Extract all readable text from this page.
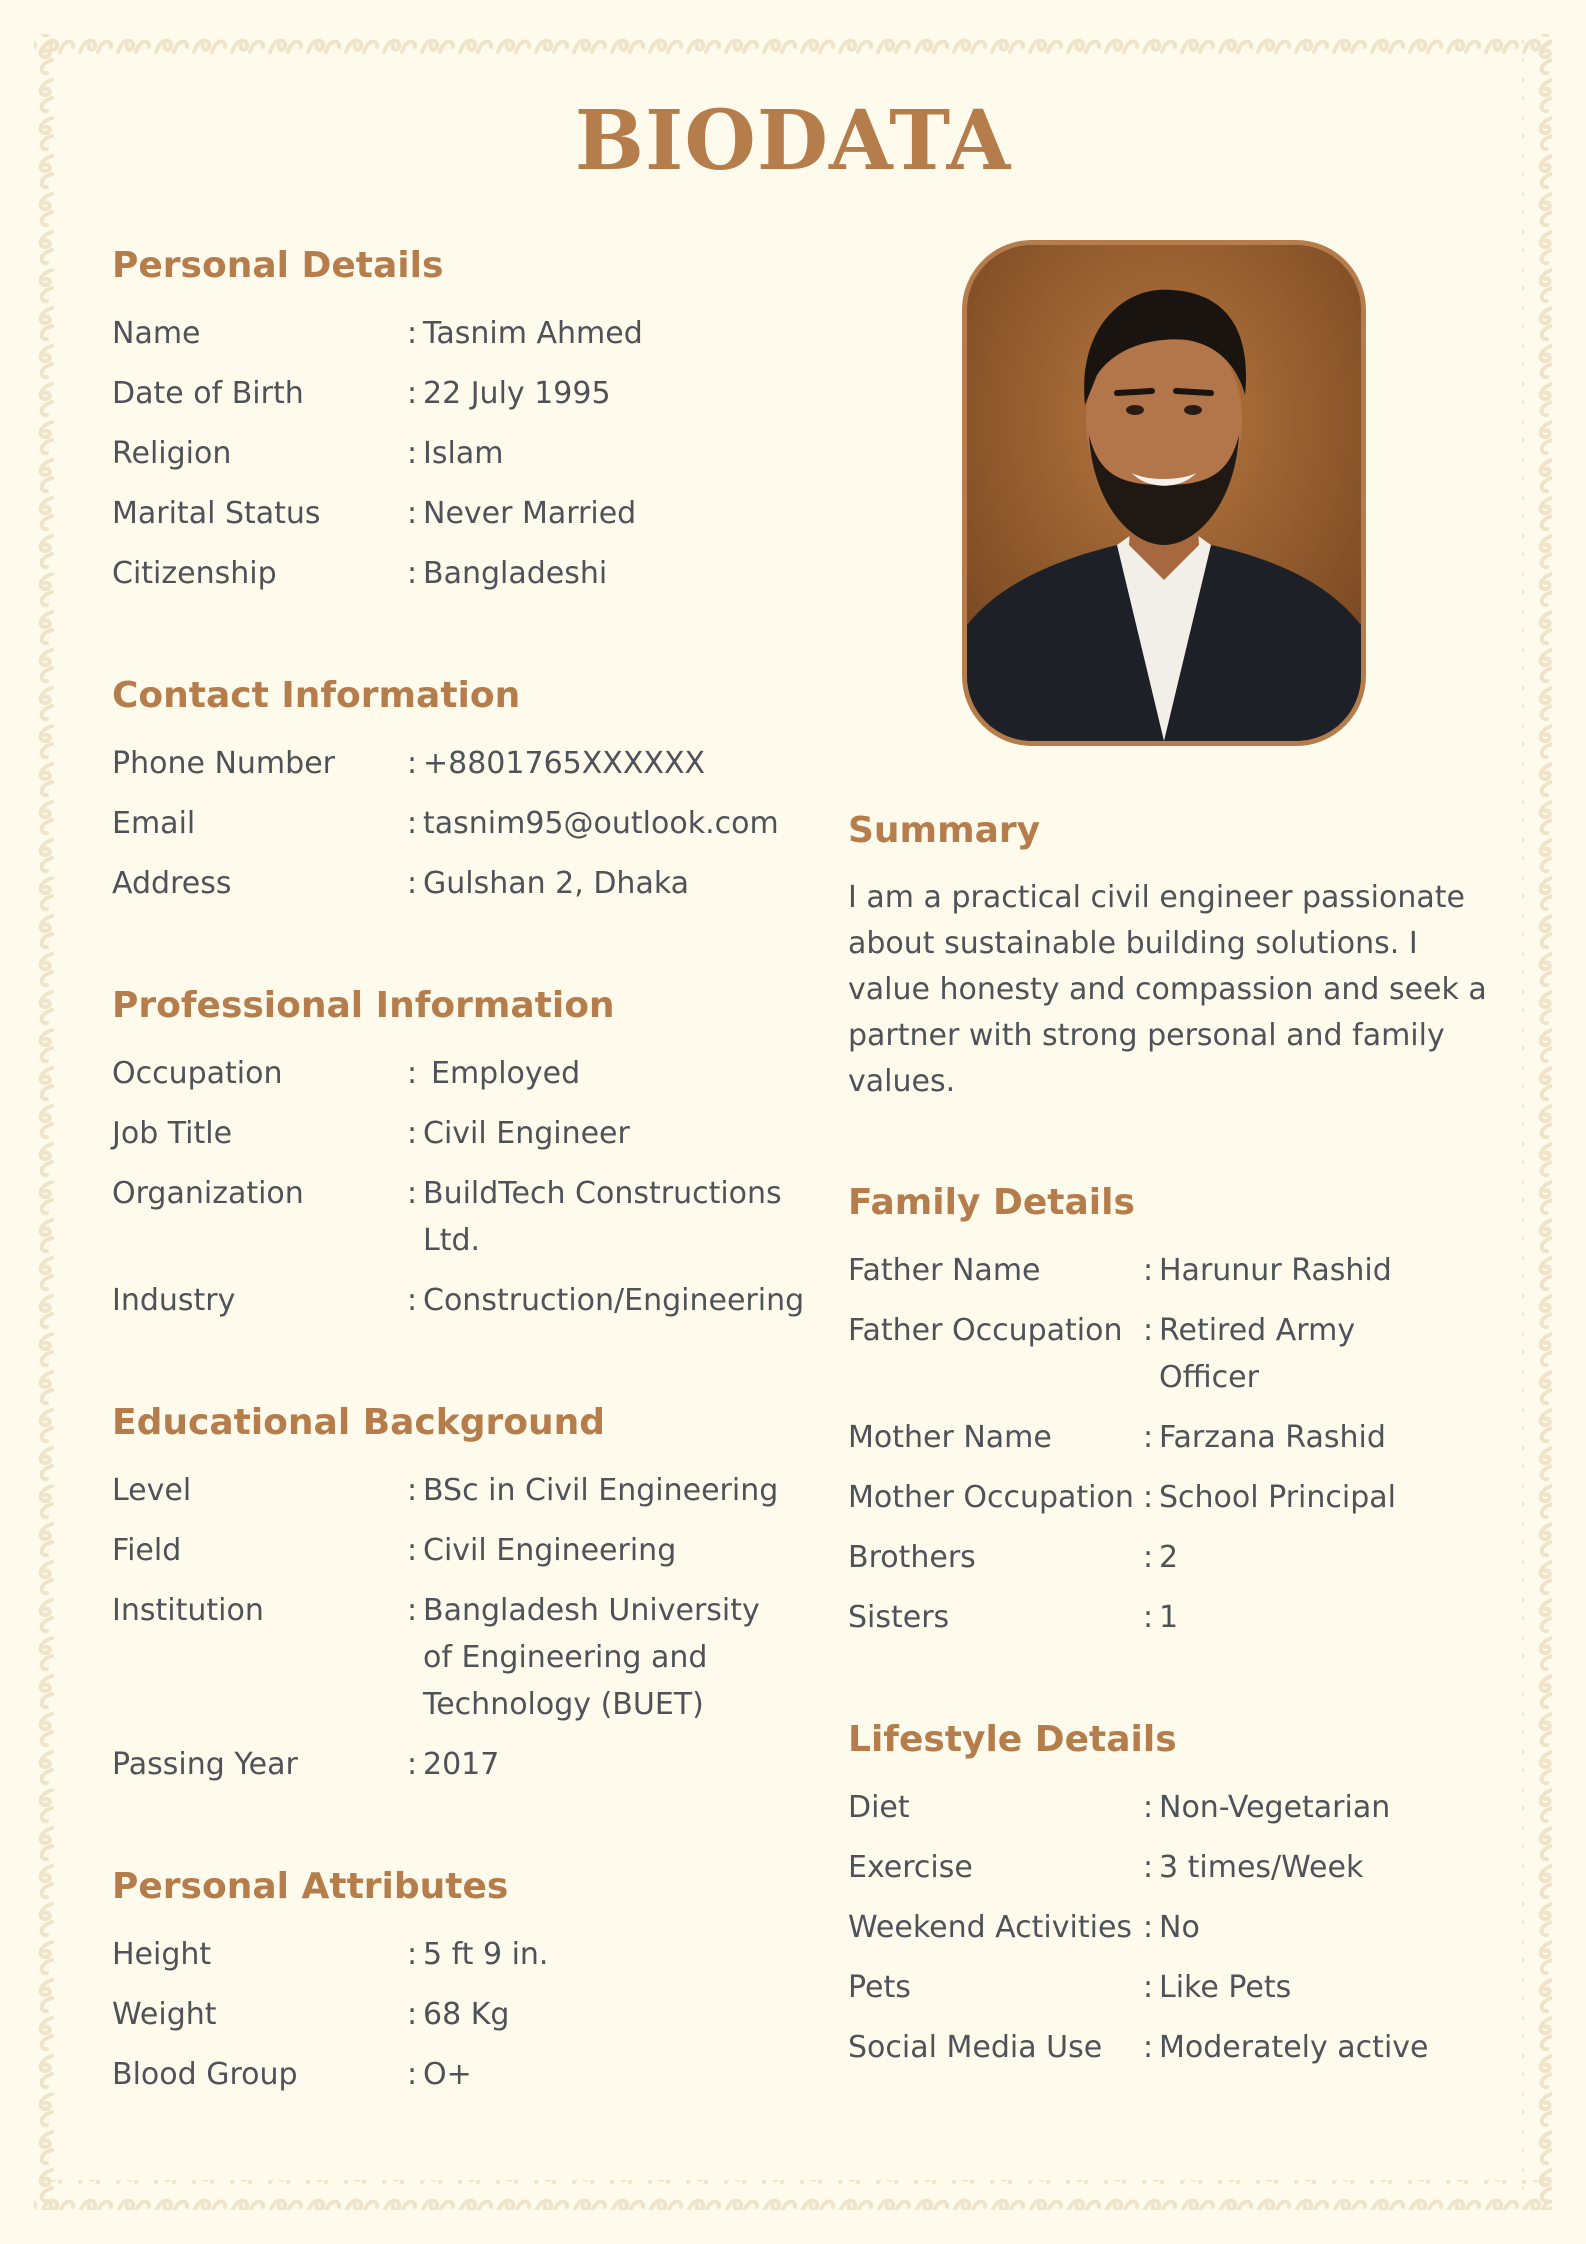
BIODATA
Personal Details
Name	: Tasnim Ahmed
Date of Birth	: 22 July 1995
Religion	: Islam
Marital Status	: Never Married
Citizenship	: Bangladeshi
Contact Information
Phone Number	: +8801765XXXXXX
Email	: tasnim95@outlook.com
Address	: Gulshan 2, Dhaka
Professional Information
Occupation	: Employed
Job Title	: Civil Engineer
Organization	: BuildTech Constructions Ltd.
Industry	: Construction/Engineering
Educational Background
Level	: BSc in Civil Engineering
Field	: Civil Engineering
Institution	: Bangladesh University of Engineering and Technology (BUET)
Passing Year	: 2017
Personal Attributes
Height	: 5 ft 9 in.
Weight	: 68 Kg
Blood Group	: O+
Summary
I am a practical civil engineer passionate about sustainable building solutions. I value honesty and compassion and seek a partner with strong personal and family values.
Family Details
Father Name	: Harunur Rashid
Father Occupation : Retired Army Officer
Mother Name	: Farzana Rashid
Mother Occupation : School Principal
Brothers	: 2
Sisters	: 1
Lifestyle Details
Diet	: Non-Vegetarian
Exercise	: 3 times/Week
Weekend Activities : No
Pets	: Like Pets
Social Media Use	: Moderately active
